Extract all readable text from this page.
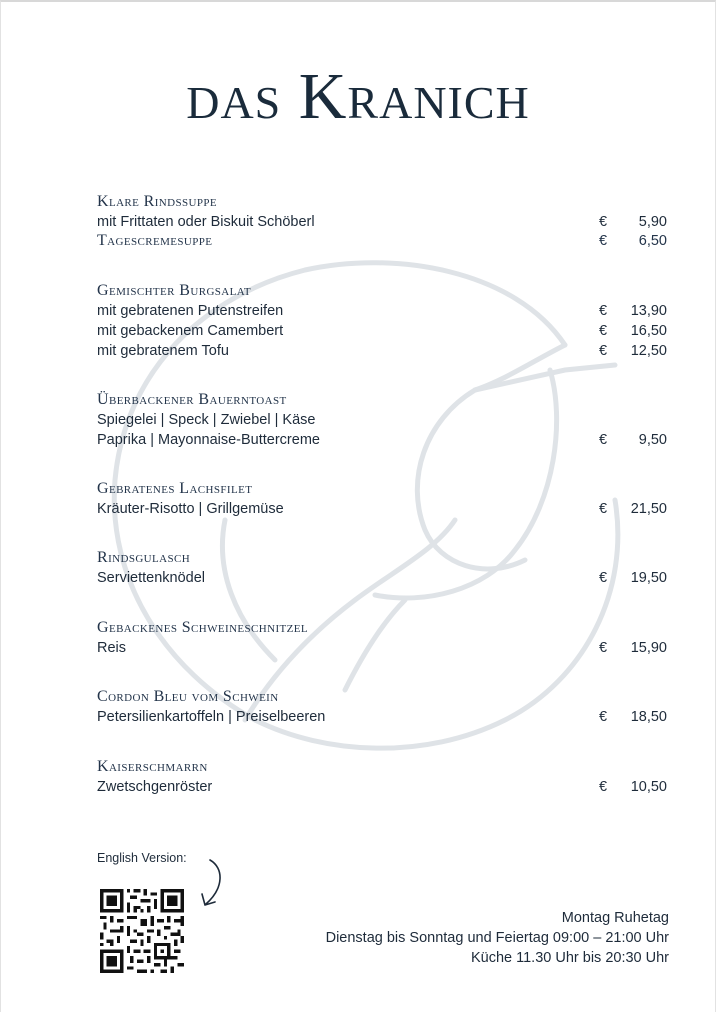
das Kranich
Klare Rindssuppe
mit Frittaten oder Biskuit Schöberl	€	5,90
Tagescremesuppe	€	6,50
Gemischter Burgsalat
mit gebratenen Putenstreifen	€	13,90
mit gebackenem Camembert	€	16,50
mit gebratenem Tofu	€	12,50
Überbackener Bauerntoast
Spiegelei | Speck | Zwiebel | Käse
Paprika | Mayonnaise-Buttercreme	€	9,50
Gebratenes Lachsfilet
Kräuter-Risotto | Grillgemüse	€	21,50
Rindsgulasch
Serviettenknödel	€	19,50
Gebackenes Schweineschnitzel
Reis	€	15,90
Cordon Bleu vom Schwein
Petersilienkartoffeln | Preiselbeeren	€	18,50
Kaiserschmarrn
Zwetschgenröster	€	10,50
English Version:
Montag Ruhetag
Dienstag bis Sonntag und Feiertag 09:00 – 21:00 Uhr
Küche 11.30 Uhr bis 20:30 Uhr
